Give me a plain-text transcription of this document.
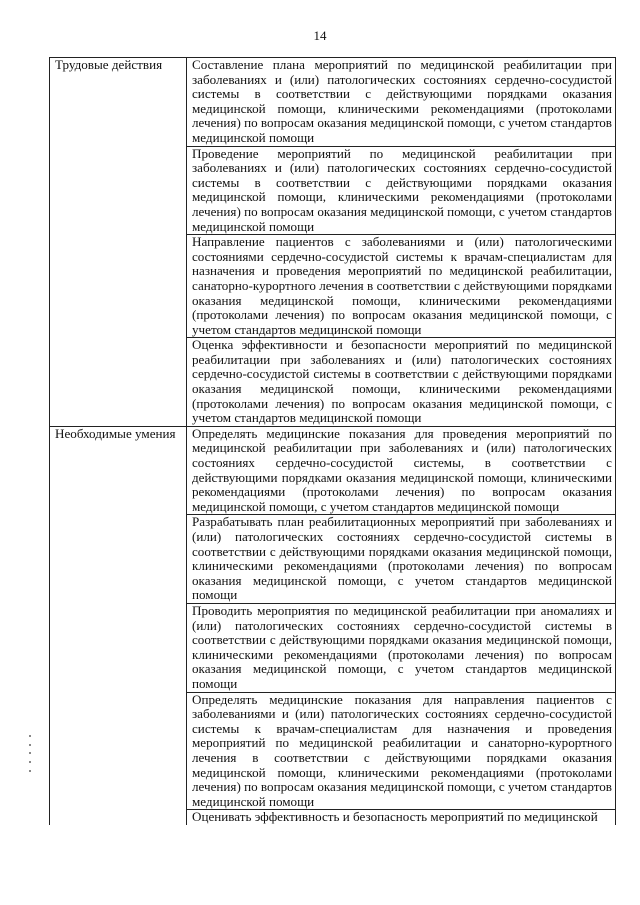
14
Трудовые действия	Составление плана мероприятий по медицинской реабилитации при заболеваниях и (или) патологических состояниях сердечно-сосудистой системы в соответствии с действующими порядками оказания медицинской помощи, клиническими рекомендациями (протоколами лечения) по вопросам оказания медицинской помощи, с учетом стандартов медицинской помощи
	Проведение мероприятий по медицинской реабилитации при заболеваниях и (или) патологических состояниях сердечно-сосудистой системы в соответствии с действующими порядками оказания медицинской помощи, клиническими рекомендациями (протоколами лечения) по вопросам оказания медицинской помощи, с учетом стандартов медицинской помощи
	Направление пациентов с заболеваниями и (или) патологическими состояниями сердечно-сосудистой системы к врачам-специалистам для назначения и проведения мероприятий по медицинской реабилитации, санаторно-курортного лечения в соответствии с действующими порядками оказания медицинской помощи, клиническими рекомендациями (протоколами лечения) по вопросам оказания медицинской помощи, с учетом стандартов медицинской помощи
	Оценка эффективности и безопасности мероприятий по медицинской реабилитации при заболеваниях и (или) патологических состояниях сердечно-сосудистой системы в соответствии с действующими порядками оказания медицинской помощи, клиническими рекомендациями (протоколами лечения) по вопросам оказания медицинской помощи, с учетом стандартов медицинской помощи
Необходимые умения	Определять медицинские показания для проведения мероприятий по медицинской реабилитации при заболеваниях и (или) патологических состояниях сердечно-сосудистой системы, в соответствии с действующими порядками оказания медицинской помощи, клиническими рекомендациями (протоколами лечения) по вопросам оказания медицинской помощи, с учетом стандартов медицинской помощи
	Разрабатывать план реабилитационных мероприятий при заболеваниях и (или) патологических состояниях сердечно-сосудистой системы в соответствии с действующими порядками оказания медицинской помощи, клиническими рекомендациями (протоколами лечения) по вопросам оказания медицинской помощи, с учетом стандартов медицинской помощи
	Проводить мероприятия по медицинской реабилитации при аномалиях и (или) патологических состояниях сердечно-сосудистой системы в соответствии с действующими порядками оказания медицинской помощи, клиническими рекомендациями (протоколами лечения) по вопросам оказания медицинской помощи, с учетом стандартов медицинской помощи
	Определять медицинские показания для направления пациентов с заболеваниями и (или) патологических состояниях сердечно-сосудистой системы к врачам-специалистам для назначения и проведения мероприятий по медицинской реабилитации и санаторно-курортного лечения в соответствии с действующими порядками оказания медицинской помощи, клиническими рекомендациями (протоколами лечения) по вопросам оказания медицинской помощи, с учетом стандартов медицинской помощи
	Оценивать эффективность и безопасность мероприятий по медицинской
